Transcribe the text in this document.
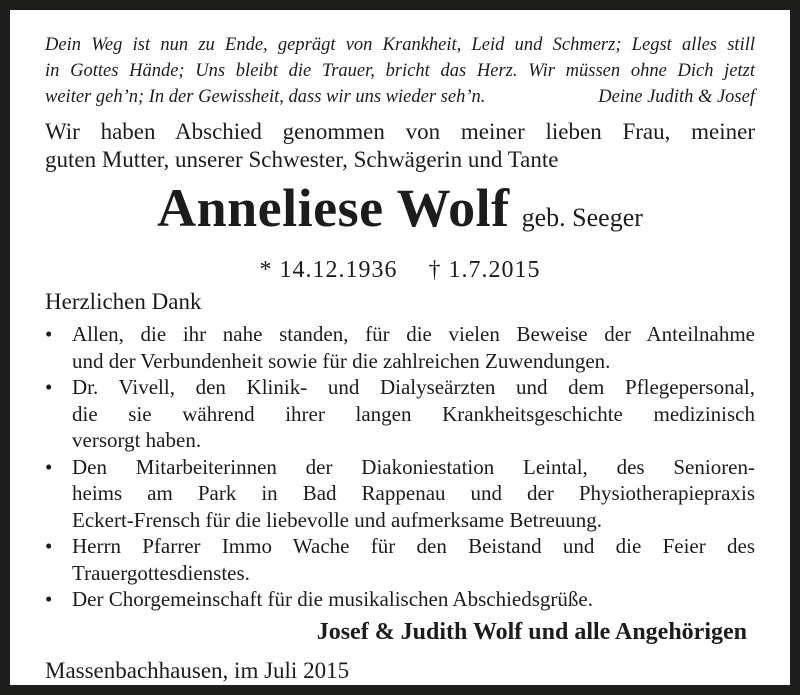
Dein Weg ist nun zu Ende, geprägt von Krankheit, Leid und Schmerz; Legst alles still
in Gottes Hände; Uns bleibt die Trauer, bricht das Herz. Wir müssen ohne Dich jetzt
weiter geh’n; In der Gewissheit, dass wir uns wieder seh’n.	Deine Judith & Josef
Wir haben Abschied genommen von meiner lieben Frau, meiner
guten Mutter, unserer Schwester, Schwägerin und Tante
Anneliese Wolf geb. Seeger
* 14.12.1936 † 1.7.2015
Herzlichen Dank
• Allen, die ihr nahe standen, für die vielen Beweise der Anteilnahme
und der Verbundenheit sowie für die zahlreichen Zuwendungen.
• Dr. Vivell, den Klinik- und Dialyseärzten und dem Pflegepersonal,
die sie während ihrer langen Krankheitsgeschichte medizinisch
versorgt haben.
• Den Mitarbeiterinnen der Diakoniestation Leintal, des Senioren-
heims am Park in Bad Rappenau und der Physiotherapiepraxis
Eckert-Frensch für die liebevolle und aufmerksame Betreuung.
• Herrn Pfarrer Immo Wache für den Beistand und die Feier des
Trauergottesdienstes.
• Der Chorgemeinschaft für die musikalischen Abschiedsgrüße.
Josef & Judith Wolf und alle Angehörigen
Massenbachhausen, im Juli 2015
